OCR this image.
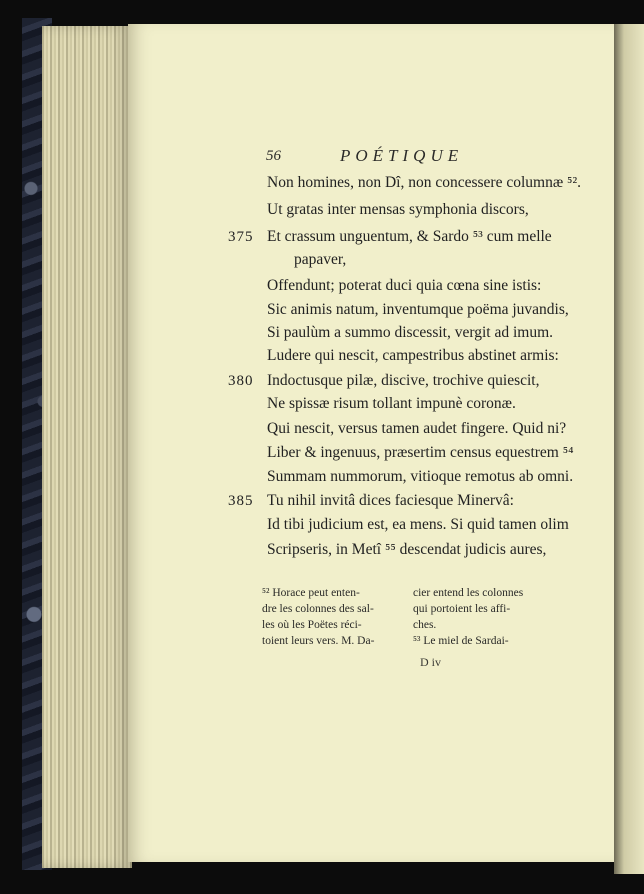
56	POÉTIQUE
Non homines, non Dî, non concessere columnæ ⁵².
Ut gratas inter mensas symphonia discors,
375 Et crassum unguentum, & Sardo ⁵³ cum melle
papaver,
Offendunt; poterat duci quia cœna sine istis:
Sic animis natum, inventumque poëma juvandis,
Si paulùm a summo discessit, vergit ad imum.
Ludere qui nescit, campestribus abstinet armis:
380 Indoctusque pilæ, discive, trochive quiescit,
Ne spissæ risum tollant impunè coronæ.
Qui nescit, versus tamen audet fingere. Quid ni?
Liber & ingenuus, præsertim census equestrem ⁵⁴
Summam nummorum, vitioque remotus ab omni.
385 Tu nihil invitâ dices faciesque Minervâ:
Id tibi judicium est, ea mens. Si quid tamen olim
Scripseris, in Metî ⁵⁵ descendat judicis aures,
⁵² Horace peut enten-
dre les colonnes des sal-
les où les Poëtes réci-
toient leurs vers. M. Da-
cier entend les colonnes
qui portoient les affi-
ches.
⁵³ Le miel de Sardai-
D iv
